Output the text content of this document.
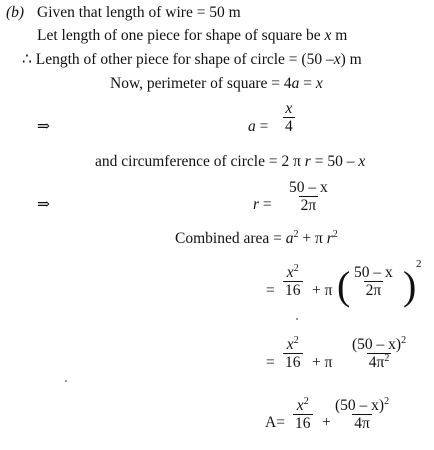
(b) Given that length of wire = 50 m
Let length of one piece for shape of square be x m
∴ Length of other piece for shape of circle = (50 –x) m
Now, perimeter of square = 4a = x
⇒	$a = \frac{x}{4}$
and circumference of circle = 2 π r = 50 – x
⇒	$r = \frac{50 - x}{2\pi}$
Combined area = $a^2 + \pi$ $r^2$
= $\frac{x^2}{16} + \pi$ ( $\frac{50 - x}{2\pi}$ ) 2
= $\frac{x^2}{16} + \pi \frac{(50 - x)^2}{4\pi^2}$
$A= \frac{x^2}{16} + \frac{(50 - x)^2}{4\pi}$
